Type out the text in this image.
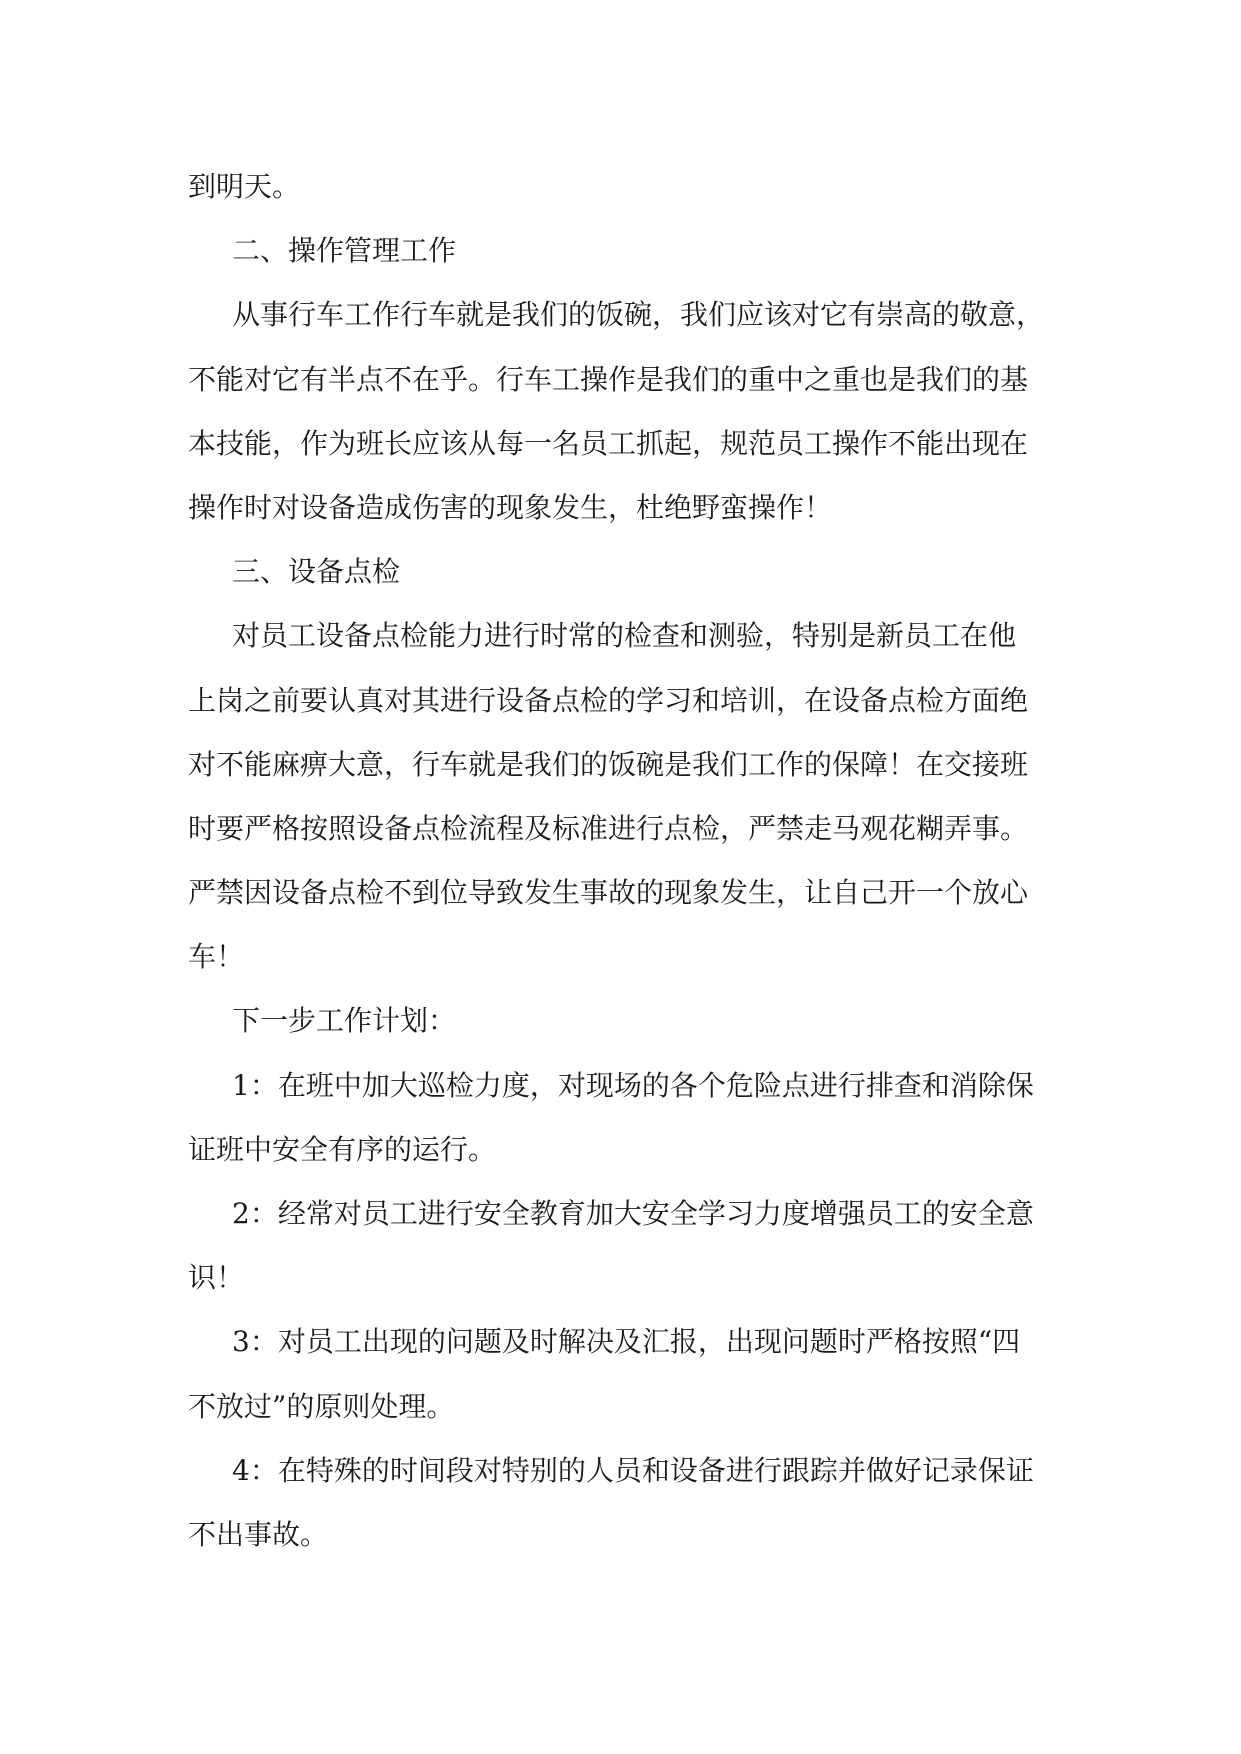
到明天。
二、操作管理工作
从事行车工作行车就是我们的饭碗，我们应该对它有崇高的敬意，
不能对它有半点不在乎。行车工操作是我们的重中之重也是我们的基
本技能，作为班长应该从每一名员工抓起，规范员工操作不能出现在
操作时对设备造成伤害的现象发生，杜绝野蛮操作！
三、设备点检
对员工设备点检能力进行时常的检查和测验，特别是新员工在他
上岗之前要认真对其进行设备点检的学习和培训，在设备点检方面绝
对不能麻痹大意，行车就是我们的饭碗是我们工作的保障！在交接班
时要严格按照设备点检流程及标准进行点检，严禁走马观花糊弄事。
严禁因设备点检不到位导致发生事故的现象发生，让自己开一个放心
车！
下一步工作计划：
1：在班中加大巡检力度，对现场的各个危险点进行排查和消除保
证班中安全有序的运行。
2：经常对员工进行安全教育加大安全学习力度增强员工的安全意
识！
3：对员工出现的问题及时解决及汇报，出现问题时严格按照“四
不放过”的原则处理。
4：在特殊的时间段对特别的人员和设备进行跟踪并做好记录保证
不出事故。
